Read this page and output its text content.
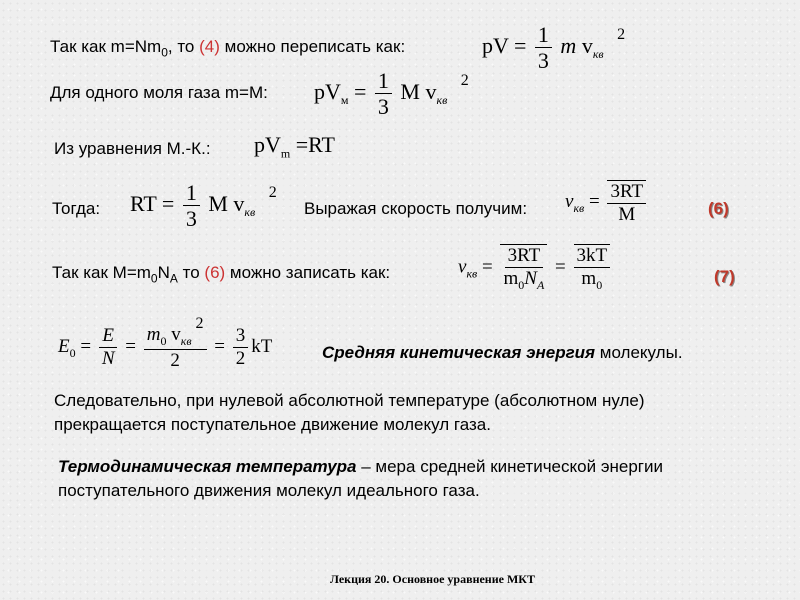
Так как $m=Nm_0$, то (4) можно переписать как:	pV = $\frac{1}{3}$ m $v_{кв}$ $^2$
Для одного моля газа m=M: $pV_м = \frac{1}{3}$ M $v_{кв}$ $^2$
Из уравнения М.-К.: $pV_m =RT$
Тогда: RT = $\frac{1}{3}$ M $v_{кв}$ $^2$
Выражая скорость получим: $v_{кв} = \frac{3RT}{M}$	(6)
Так как $M=m_0N_A$ то (6) можно записать как:	$v_{кв} = \frac{3RT}{m_0N_A} = \frac{3kT}{m_0}$	(7)
$E_0 = \frac{E}{N} = \frac{m_0 v_{кв}^2}{2} = \frac{3}{2}$ kT	Средняя кинетическая энергия молекулы.
Следовательно, при нулевой абсолютной температуре (абсолютном нуле)
прекращается поступательное движение молекул газа.
Термодинамическая температура – мера средней кинетической энергии
поступательного движения молекул идеального газа.
Лекция 20. Основное уравнение МКТ
